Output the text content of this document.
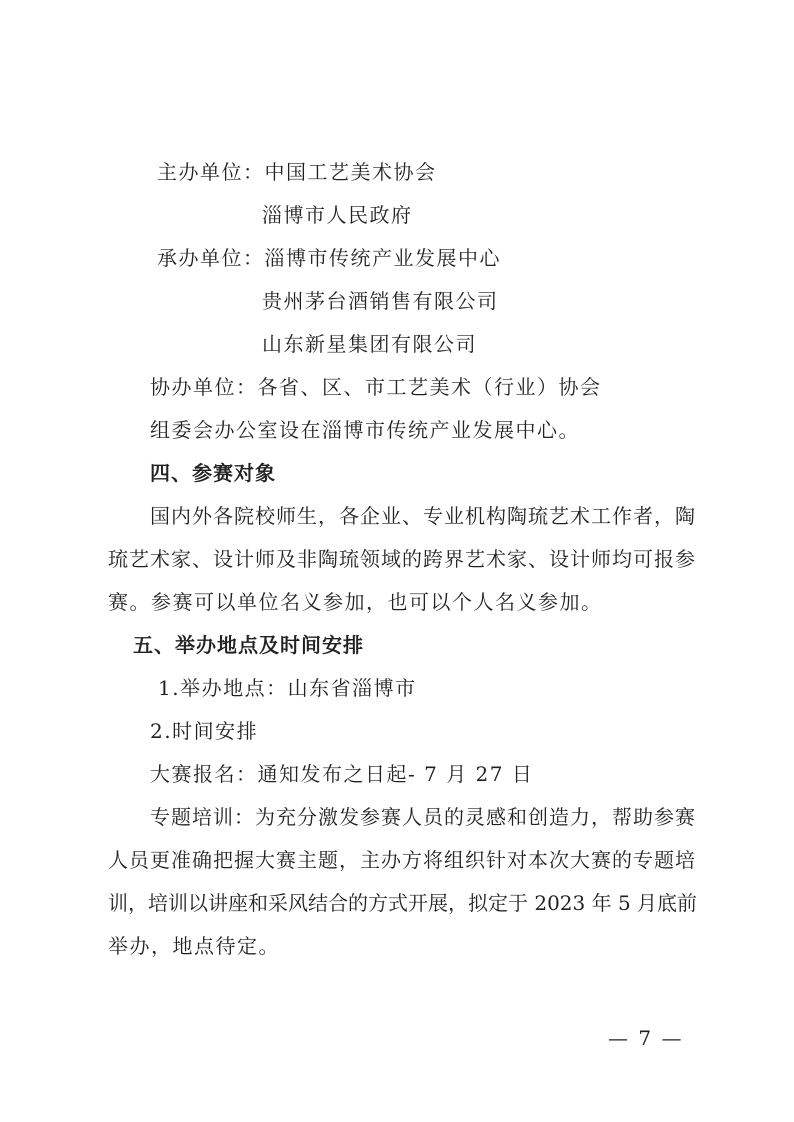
主办单位：中国工艺美术协会
淄博市人民政府
承办单位：淄博市传统产业发展中心
贵州茅台酒销售有限公司
山东新星集团有限公司
协办单位：各省、区、市工艺美术（行业）协会
组委会办公室设在淄博市传统产业发展中心。
四、参赛对象
国内外各院校师生，各企业、专业机构陶琉艺术工作者，陶
琉艺术家、设计师及非陶琉领域的跨界艺术家、设计师均可报参
赛。参赛可以单位名义参加，也可以个人名义参加。
五、举办地点及时间安排
1.举办地点：山东省淄博市
2.时间安排
大赛报名：通知发布之日起- 7 月 27 日
专题培训：为充分激发参赛人员的灵感和创造力，帮助参赛
人员更准确把握大赛主题，主办方将组织针对本次大赛的专题培
训，培训以讲座和采风结合的方式开展，拟定于 2023 年 5 月底前
举办，地点待定。
— 7 —
